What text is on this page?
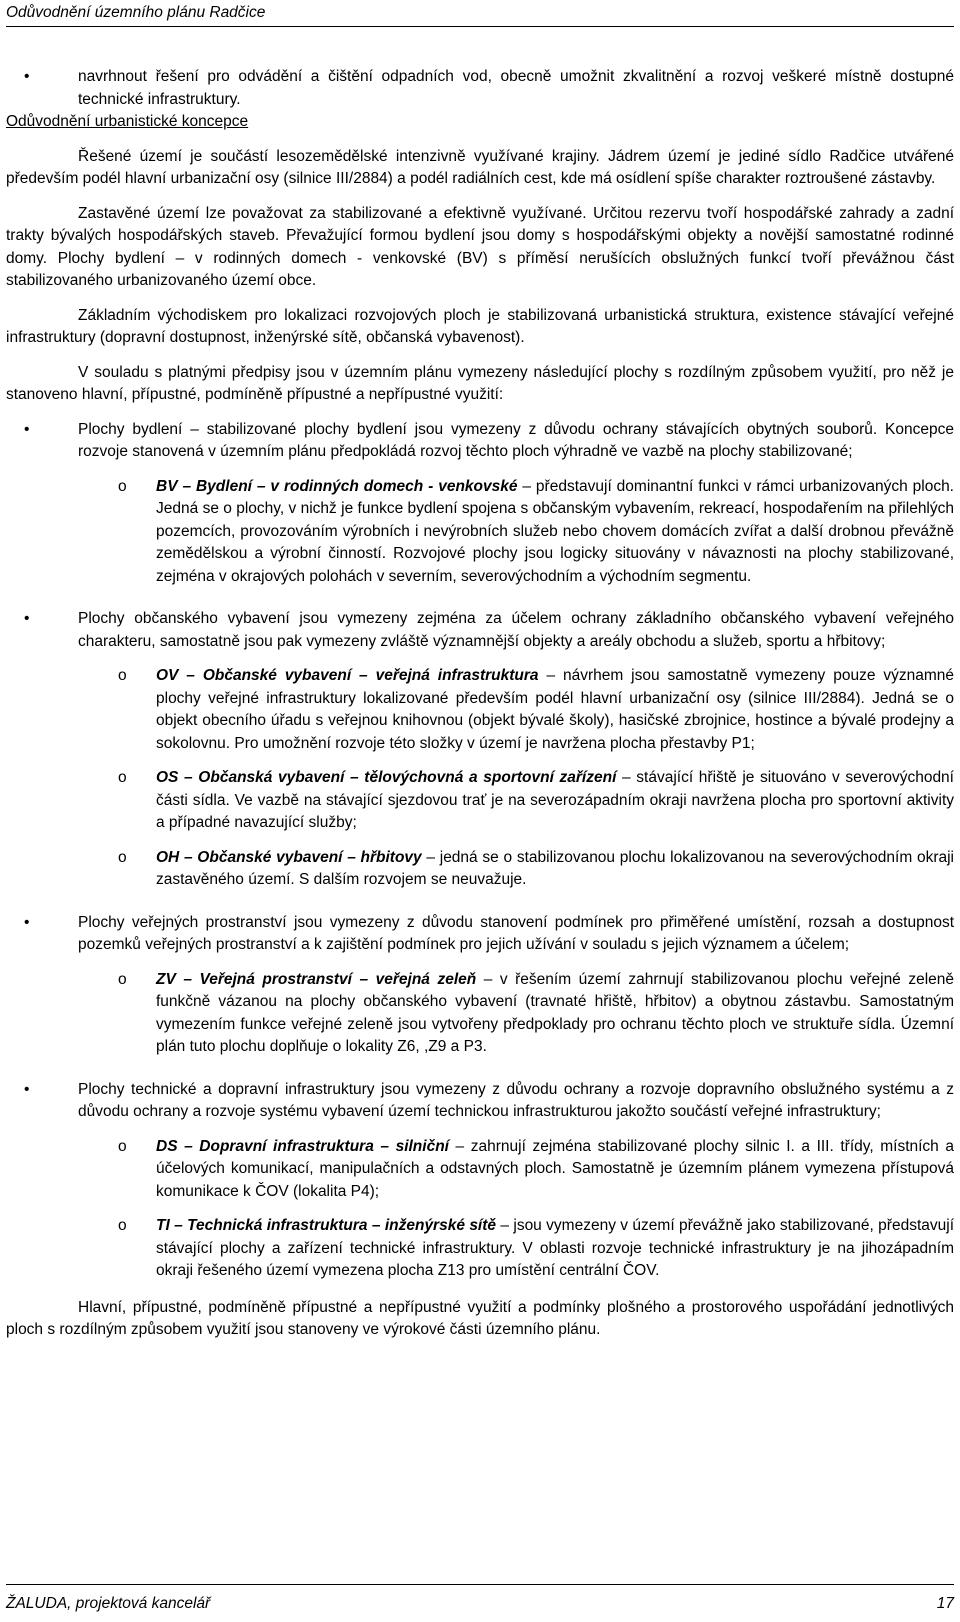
Odůvodnění územního plánu Radčice
•	navrhnout řešení pro odvádění a čištění odpadních vod, obecně umožnit zkvalitnění a rozvoj veškeré místně dostupné technické infrastruktury.

Odůvodnění urbanistické koncepce

Řešené území je součástí lesozemědělské intenzivně využívané krajiny. Jádrem území je jediné sídlo Radčice utvářené především podél hlavní urbanizační osy (silnice III/2884) a podél radiálních cest, kde má osídlení spíše charakter roztroušené zástavby.

Zastavěné území lze považovat za stabilizované a efektivně využívané. Určitou rezervu tvoří hospodářské zahrady a zadní trakty bývalých hospodářských staveb. Převažující formou bydlení jsou domy s hospodářskými objekty a novější samostatné rodinné domy. Plochy bydlení – v rodinných domech - venkovské (BV) s příměsí nerušících obslužných funkcí tvoří převážnou část stabilizovaného urbanizovaného území obce.

Základním východiskem pro lokalizaci rozvojových ploch je stabilizovaná urbanistická struktura, existence stávající veřejné infrastruktury (dopravní dostupnost, inženýrské sítě, občanská vybavenost).

V souladu s platnými předpisy jsou v územním plánu vymezeny následující plochy s rozdílným způsobem využití, pro něž je stanoveno hlavní, přípustné, podmíněně přípustné a nepřípustné využití:

•	Plochy bydlení – stabilizované plochy bydlení jsou vymezeny z důvodu ochrany stávajících obytných souborů. Koncepce rozvoje stanovená v územním plánu předpokládá rozvoj těchto ploch výhradně ve vazbě na plochy stabilizované;
o BV – Bydlení – v rodinných domech - venkovské – představují dominantní funkci v rámci urbanizovaných ploch. Jedná se o plochy, v nichž je funkce bydlení spojena s občanským vybavením, rekreací, hospodařením na přilehlých pozemcích, provozováním výrobních i nevýrobních služeb nebo chovem domácích zvířat a další drobnou převážně zemědělskou a výrobní činností. Rozvojové plochy jsou logicky situovány v návaznosti na plochy stabilizované, zejména v okrajových polohách v severním, severovýchodním a východním segmentu.
•	Plochy občanského vybavení jsou vymezeny zejména za účelem ochrany základního občanského vybavení veřejného charakteru, samostatně jsou pak vymezeny zvláště významnější objekty a areály obchodu a služeb, sportu a hřbitovy;
o OV – Občanské vybavení – veřejná infrastruktura – návrhem jsou samostatně vymezeny pouze významné plochy veřejné infrastruktury lokalizované především podél hlavní urbanizační osy (silnice III/2884). Jedná se o objekt obecního úřadu s veřejnou knihovnou (objekt bývalé školy), hasičské zbrojnice, hostince a bývalé prodejny a sokolovnu. Pro umožnění rozvoje této složky v území je navržena plocha přestavby P1;
o OS – Občanská vybavení – tělovýchovná a sportovní zařízení – stávající hřiště je situováno v severovýchodní části sídla. Ve vazbě na stávající sjezdovou trať je na severozápadním okraji navržena plocha pro sportovní aktivity a případné navazující služby;
o OH – Občanské vybavení – hřbitovy – jedná se o stabilizovanou plochu lokalizovanou na severovýchodním okraji zastavěného území. S dalším rozvojem se neuvažuje.
•	Plochy veřejných prostranství jsou vymezeny z důvodu stanovení podmínek pro přiměřené umístění, rozsah a dostupnost pozemků veřejných prostranství a k zajištění podmínek pro jejich užívání v souladu s jejich významem a účelem;
o ZV – Veřejná prostranství – veřejná zeleň – v řešením území zahrnují stabilizovanou plochu veřejné zeleně funkčně vázanou na plochy občanského vybavení (travnaté hřiště, hřbitov) a obytnou zástavbu. Samostatným vymezením funkce veřejné zeleně jsou vytvořeny předpoklady pro ochranu těchto ploch ve struktuře sídla. Územní plán tuto plochu doplňuje o lokality Z6, ,Z9 a P3.
•	Plochy technické a dopravní infrastruktury jsou vymezeny z důvodu ochrany a rozvoje dopravního obslužného systému a z důvodu ochrany a rozvoje systému vybavení území technickou infrastrukturou jakožto součástí veřejné infrastruktury;
o DS – Dopravní infrastruktura – silniční – zahrnují zejména stabilizované plochy silnic I. a III. třídy, místních a účelových komunikací, manipulačních a odstavných ploch. Samostatně je územním plánem vymezena přístupová komunikace k ČOV (lokalita P4);
o TI – Technická infrastruktura – inženýrské sítě – jsou vymezeny v území převážně jako stabilizované, představují stávající plochy a zařízení technické infrastruktury. V oblasti rozvoje technické infrastruktury je na jihozápadním okraji řešeného území vymezena plocha Z13 pro umístění centrální ČOV.

Hlavní, přípustné, podmíněně přípustné a nepřípustné využití a podmínky plošného a prostorového uspořádání jednotlivých ploch s rozdílným způsobem využití jsou stanoveny ve výrokové části územního plánu.

ŽALUDA, projektová kancelář	17
